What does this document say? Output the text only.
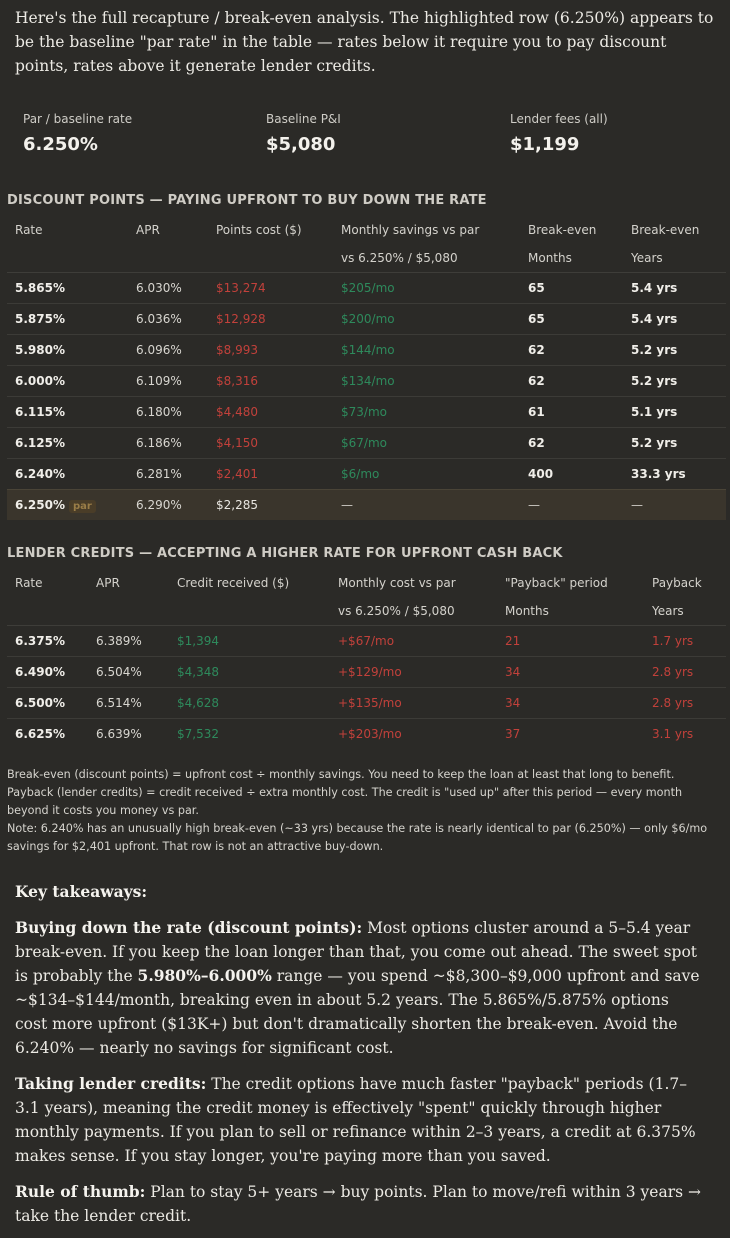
Here's the full recapture / break-even analysis. The highlighted row (6.250%) appears to be the baseline "par rate" in the table — rates below it require you to pay discount points, rates above it generate lender credits.
Par / baseline rate
6.250%
Baseline P&I
$5,080
Lender fees (all)
$1,199
DISCOUNT POINTS — PAYING UPFRONT TO BUY DOWN THE RATE
Rate	APR	Points cost ($)	Monthly savings vs par	Break-even	Break-even
			vs 6.250% / $5,080	Months	Years
5.865%	6.030%	$13,274	$205/mo	65	5.4 yrs
5.875%	6.036%	$12,928	$200/mo	65	5.4 yrs
5.980%	6.096%	$8,993	$144/mo	62	5.2 yrs
6.000%	6.109%	$8,316	$134/mo	62	5.2 yrs
6.115%	6.180%	$4,480	$73/mo	61	5.1 yrs
6.125%	6.186%	$4,150	$67/mo	62	5.2 yrs
6.240%	6.281%	$2,401	$6/mo	400	33.3 yrs
6.250% par	6.290%	$2,285	—	—	—
LENDER CREDITS — ACCEPTING A HIGHER RATE FOR UPFRONT CASH BACK
Rate	APR	Credit received ($)	Monthly cost vs par	"Payback" period	Payback
			vs 6.250% / $5,080	Months	Years
6.375%	6.389%	$1,394	+$67/mo	21	1.7 yrs
6.490%	6.504%	$4,348	+$129/mo	34	2.8 yrs
6.500%	6.514%	$4,628	+$135/mo	34	2.8 yrs
6.625%	6.639%	$7,532	+$203/mo	37	3.1 yrs
Break-even (discount points) = upfront cost ÷ monthly savings. You need to keep the loan at least that long to benefit.
Payback (lender credits) = credit received ÷ extra monthly cost. The credit is "used up" after this period — every month beyond it costs you money vs par.
Note: 6.240% has an unusually high break-even (~33 yrs) because the rate is nearly identical to par (6.250%) — only $6/mo savings for $2,401 upfront. That row is not an attractive buy-down.
Key takeaways:
Buying down the rate (discount points): Most options cluster around a 5–5.4 year break-even. If you keep the loan longer than that, you come out ahead. The sweet spot is probably the 5.980%–6.000% range — you spend ~$8,300–$9,000 upfront and save ~$134–$144/month, breaking even in about 5.2 years. The 5.865%/5.875% options cost more upfront ($13K+) but don't dramatically shorten the break-even. Avoid the 6.240% — nearly no savings for significant cost.
Taking lender credits: The credit options have much faster "payback" periods (1.7–3.1 years), meaning the credit money is effectively "spent" quickly through higher monthly payments. If you plan to sell or refinance within 2–3 years, a credit at 6.375% makes sense. If you stay longer, you're paying more than you saved.
Rule of thumb: Plan to stay 5+ years → buy points. Plan to move/refi within 3 years → take the lender credit.
